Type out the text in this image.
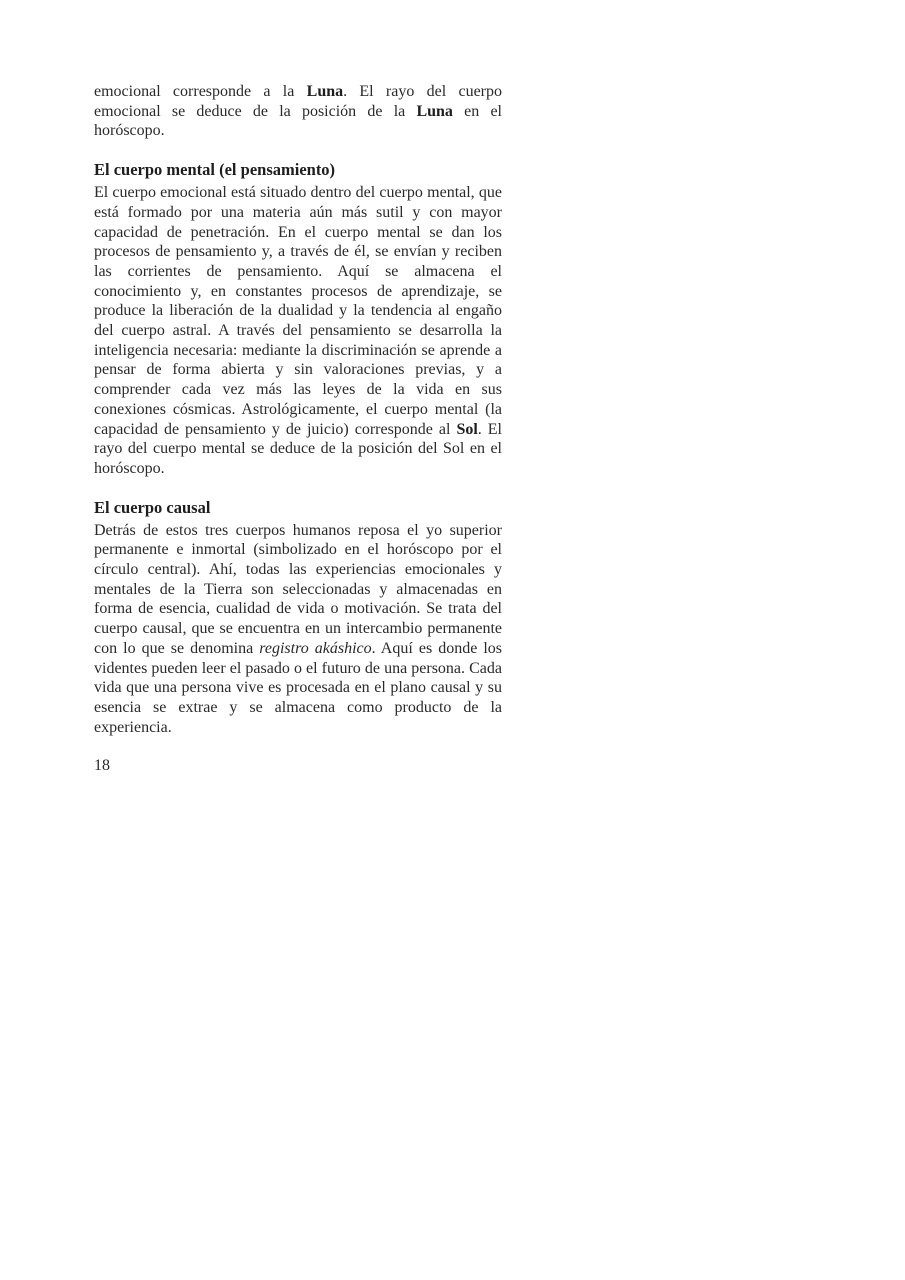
emocional corresponde a la Luna. El rayo del cuerpo emocional se deduce de la posición de la Luna en el horóscopo.

El cuerpo mental (el pensamiento)

El cuerpo emocional está situado dentro del cuerpo mental, que está formado por una materia aún más sutil y con mayor capacidad de penetración. En el cuerpo mental se dan los procesos de pensamiento y, a través de él, se envían y reciben las corrientes de pensamiento. Aquí se almacena el conocimiento y, en constantes procesos de aprendizaje, se produce la liberación de la dualidad y la tendencia al engaño del cuerpo astral. A través del pensamiento se desarrolla la inteligencia necesaria: mediante la discriminación se aprende a pensar de forma abierta y sin valoraciones previas, y a comprender cada vez más las leyes de la vida en sus conexiones cósmicas. Astrológicamente, el cuerpo mental (la capacidad de pensamiento y de juicio) corresponde al Sol. El rayo del cuerpo mental se deduce de la posición del Sol en el horóscopo.

El cuerpo causal

Detrás de estos tres cuerpos humanos reposa el yo superior permanente e inmortal (simbolizado en el horóscopo por el círculo central). Ahí, todas las experiencias emocionales y mentales de la Tierra son seleccionadas y almacenadas en forma de esencia, cualidad de vida o motivación. Se trata del cuerpo causal, que se encuentra en un intercambio permanente con lo que se denomina registro akáshico. Aquí es donde los videntes pueden leer el pasado o el futuro de una persona. Cada vida que una persona vive es procesada en el plano causal y su esencia se extrae y se almacena como producto de la experiencia.

18
